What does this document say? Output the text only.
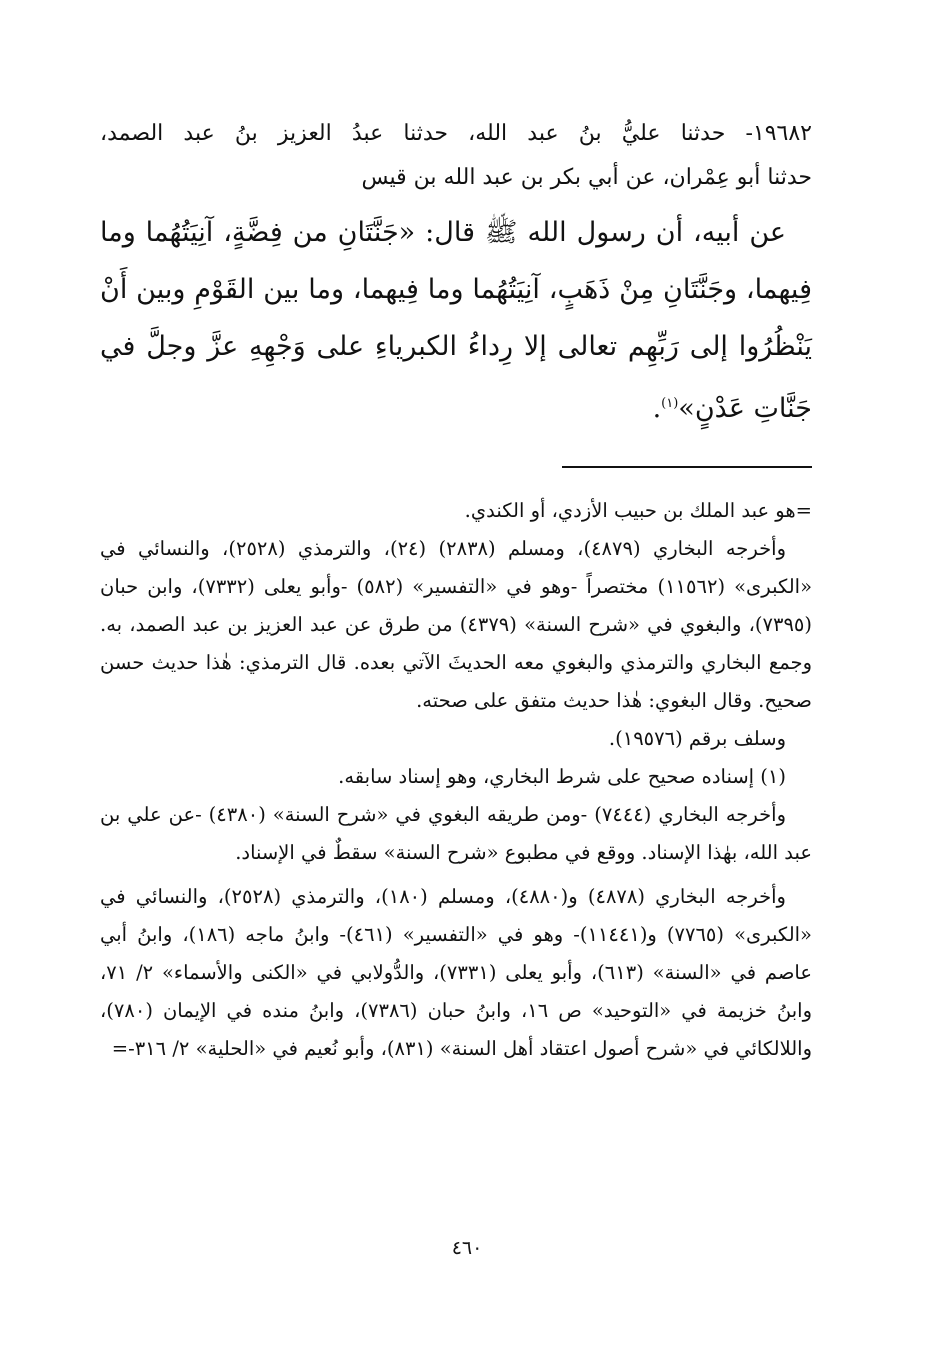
١٩٦٨٢- حدثنا عليُّ بنُ عبد الله، حدثنا عبدُ العزيز بنُ عبد الصمد،
حدثنا أبو عِمْران، عن أبي بكر بن عبد الله بن قيس

عن أبيه، أن رسول الله ﷺ قال: «جَنَّتَانِ من فِضَّةٍ، آنِيَتُهُما وما فِيهما، وجَنَّتَانِ مِنْ ذَهَبٍ، آنِيَتُهُما وما فِيهما، وما بين القَوْمِ وبين أَنْ يَنْظُرُوا إلى رَبِّهِم تعالى إلا رِداءُ الكبرياءِ على وَجْهِهِ عزَّ وجلَّ في جَنَّاتِ عَدْنٍ»$^{(١)}$.

=هو عبد الملك بن حبيب الأزدي، أو الكندي.

وأخرجه البخاري (٤٨٧٩)، ومسلم (٢٨٣٨) (٢٤)، والترمذي (٢٥٢٨)، والنسائي في «الكبرى» (١١٥٦٢) مختصراً -وهو في «التفسير» (٥٨٢) -وأبو يعلى (٧٣٣٢)، وابن حبان (٧٣٩٥)، والبغوي في «شرح السنة» (٤٣٧٩) من طرق عن عبد العزيز بن عبد الصمد، به. وجمع البخاري والترمذي والبغوي معه الحديثَ الآتي بعده. قال الترمذي: هٰذا حديث حسن صحيح. وقال البغوي: هٰذا حديث متفق على صحته.

وسلف برقم (١٩٥٧٦).

(١) إسناده صحيح على شرط البخاري، وهو إسناد سابقه.

وأخرجه البخاري (٧٤٤٤) -ومن طريقه البغوي في «شرح السنة» (٤٣٨٠) -عن علي بن عبد الله، بهٰذا الإسناد. ووقع في مطبوع «شرح السنة» سقطٌ في الإسناد.

وأخرجه البخاري (٤٨٧٨) و(٤٨٨٠)، ومسلم (١٨٠)، والترمذي (٢٥٢٨)، والنسائي في «الكبرى» (٧٧٦٥) و(١١٤٤١)- وهو في «التفسير» (٤٦١)- وابنُ ماجه (١٨٦)، وابنُ أبي عاصم في «السنة» (٦١٣)، وأبو يعلى (٧٣٣١)، والدُّولابي في «الكنى والأسماء» ٢/ ٧١، وابنُ خزيمة في «التوحيد» ص ١٦، وابنُ حبان (٧٣٨٦)، وابنُ منده في الإيمان (٧٨٠)، واللالكائي في «شرح أصول اعتقاد أهل السنة» (٨٣١)، وأبو نُعيم في «الحلية» ٢/ ٣١٦-=

٤٦٠
